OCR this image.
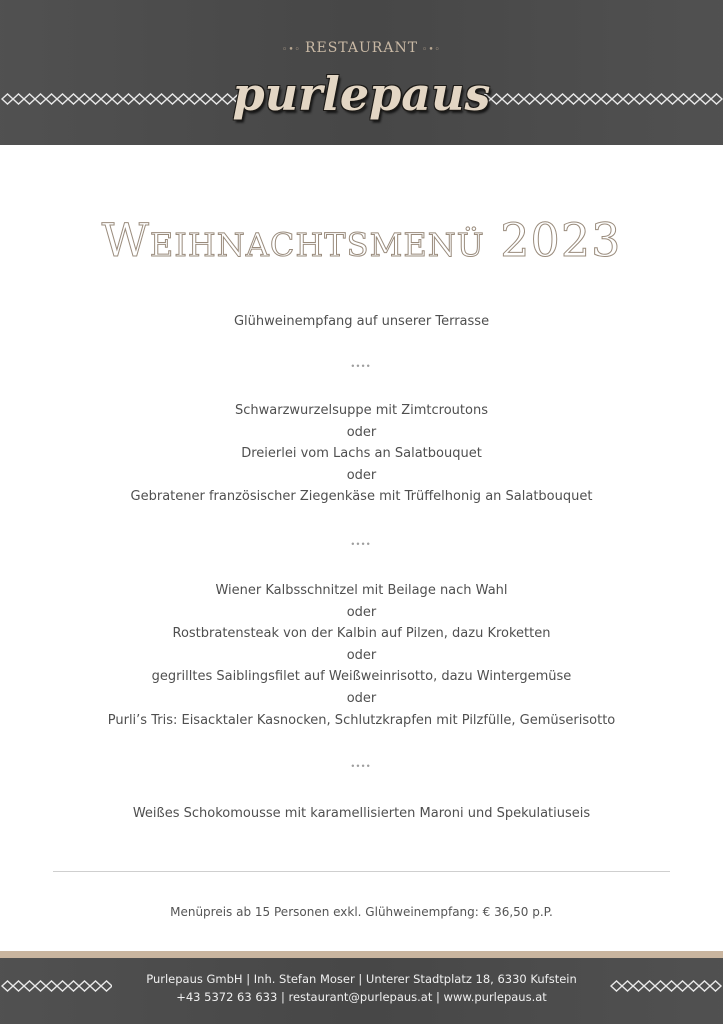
◦•◦ RESTAURANT ◦•◦
purlepaus
Weihnachtsmenü 2023
Glühweinempfang auf unserer Terrasse
••••
Schwarzwurzelsuppe mit Zimtcroutons
oder
Dreierlei vom Lachs an Salatbouquet
oder
Gebratener französischer Ziegenkäse mit Trüffelhonig an Salatbouquet
••••
Wiener Kalbsschnitzel mit Beilage nach Wahl
oder
Rostbratensteak von der Kalbin auf Pilzen, dazu Kroketten
oder
gegrilltes Saiblingsfilet auf Weißweinrisotto, dazu Wintergemüse
oder
Purli’s Tris: Eisacktaler Kasnocken, Schlutzkrapfen mit Pilzfülle, Gemüserisotto
••••
Weißes Schokomousse mit karamellisierten Maroni und Spekulatiuseis
Menüpreis ab 15 Personen exkl. Glühweinempfang: € 36,50 p.P.
Purlepaus GmbH | Inh. Stefan Moser | Unterer Stadtplatz 18, 6330 Kufstein
+43 5372 63 633 | restaurant@purlepaus.at | www.purlepaus.at
